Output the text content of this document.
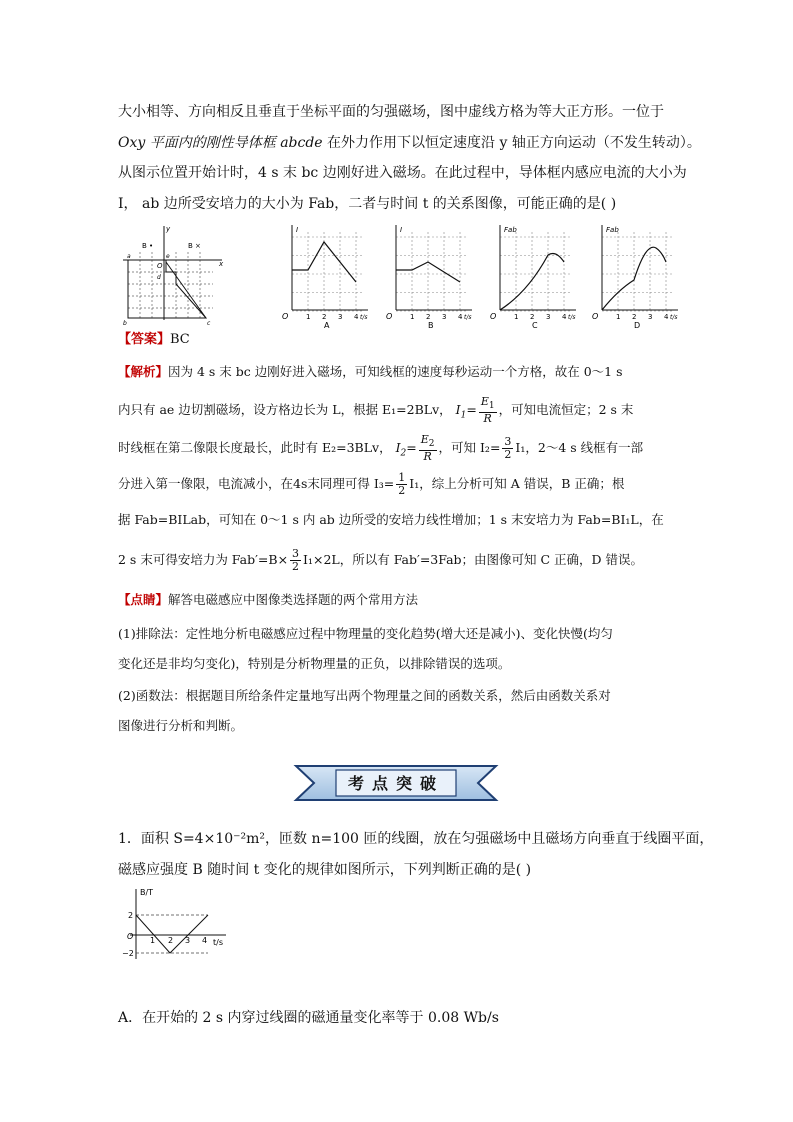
大小相等、方向相反且垂直于坐标平面的匀强磁场，图中虚线方格为等大正方形。一位于
Oxy 平面内的刚性导体框 abcde 在外力作用下以恒定速度沿 y 轴正方向运动（不发生转动）。
从图示位置开始计时，4 s 末 bc 边刚好进入磁场。在此过程中，导体框内感应电流的大小为
I， ab 边所受安培力的大小为 Fab，二者与时间 t 的关系图像，可能正确的是( )
B •	B ×
y
x
O
a	e
d
b	c
I
O	1 2 3 4 t/s
A
I
O	1 2 3 4 t/s
B
Fab
O	1 2 3 4 t/s
C
Fab
O	1 2 3 4 t/s
D
【答案】BC
【解析】因为 4 s 末 bc 边刚好进入磁场，可知线框的速度每秒运动一个方格，故在 0～1 s
内只有 ae 边切割磁场，设方格边长为 L，根据 E₁=2BLv， $I_1= \frac{E_1}{R}$ ，可知电流恒定；2 s 末
时线框在第二像限长度最长，此时有 E₂=3BLv， $I_2= \frac{E_2}{R}$ ，可知 $I_2= \frac{3}{2} I_1$，2～4 s 线框有一部
分进入第一像限，电流减小，在4s末同理可得 $I_3= \frac{1}{2} I_1$，综上分析可知 A 错误，B 正确；根
据 Fab=BILab，可知在 0～1 s 内 ab 边所受的安培力线性增加；1 s 末安培力为 Fab=BI₁L，在
2 s 末可得安培力为 $Fab'=B\times \frac{3}{2} I_1\times 2L$，所以有 Fab′=3Fab；由图像可知 C 正确，D 错误。
【点睛】解答电磁感应中图像类选择题的两个常用方法
(1)排除法：定性地分析电磁感应过程中物理量的变化趋势(增大还是减小)、变化快慢(均匀
变化还是非均匀变化)，特别是分析物理量的正负，以排除错误的选项。
(2)函数法：根据题目所给条件定量地写出两个物理量之间的函数关系，然后由函数关系对
图像进行分析和判断。
考点突破
1．面积 S=4×10⁻²m²，匝数 n=100 匝的线圈，放在匀强磁场中且磁场方向垂直于线圈平面，
磁感应强度 B 随时间 t 变化的规律如图所示，下列判断正确的是( )
B/T
t/s
O
2
−2
1 2 3 4
A．在开始的 2 s 内穿过线圈的磁通量变化率等于 0.08 Wb/s
